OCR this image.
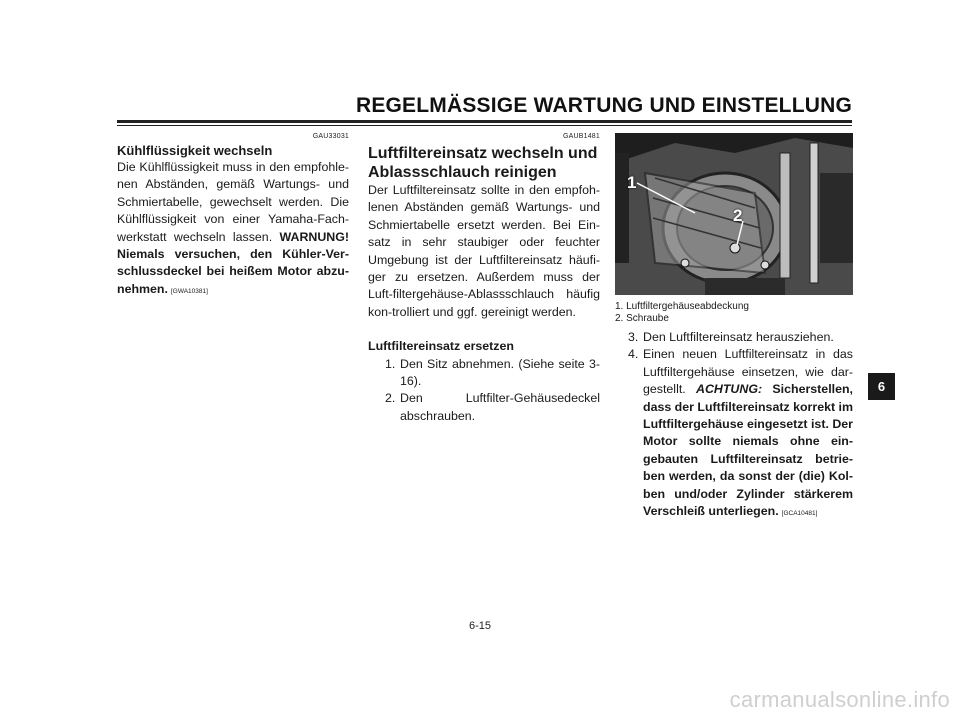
REGELMÄSSIGE WARTUNG UND EINSTELLUNG
GAU33031
Kühlflüssigkeit wechseln
Die Kühlflüssigkeit muss in den empfohle-nen Abständen, gemäß Wartungs- und Schmiertabelle, gewechselt werden. Die Kühlflüssigkeit von einer Yamaha-Fach-werkstatt wechseln lassen. WARNUNG! Niemals versuchen, den Kühler-Ver-schlussdeckel bei heißem Motor abzu-nehmen. [GWA10381]
GAUB1481
Luftfiltereinsatz wechseln und Ablassschlauch reinigen
Der Luftfiltereinsatz sollte in den empfoh-lenen Abständen gemäß Wartungs- und Schmiertabelle ersetzt werden. Bei Ein-satz in sehr staubiger oder feuchter Umgebung ist der Luftfiltereinsatz häufi-ger zu ersetzen. Außerdem muss der Luft-filtergehäuse-Ablassschlauch häufig kon-trolliert und ggf. gereinigt werden.
Luftfiltereinsatz ersetzen
1. Den Sitz abnehmen. (Siehe seite 3-16).
2. Den Luftfilter-Gehäusedeckel abschrauben.
1
2
1. Luftfiltergehäuseabdeckung
2. Schraube
3. Den Luftfiltereinsatz herausziehen.
4. Einen neuen Luftfiltereinsatz in das Luftfiltergehäuse einsetzen, wie dar-gestellt. ACHTUNG: Sicherstellen, dass der Luftfiltereinsatz korrekt im Luftfiltergehäuse eingesetzt ist. Der Motor sollte niemals ohne ein-gebauten Luftfiltereinsatz betrie-ben werden, da sonst der (die) Kol-ben und/oder Zylinder stärkerem Verschleiß unterliegen. [GCA10481]
6
6-15
carmanualsonline.info
